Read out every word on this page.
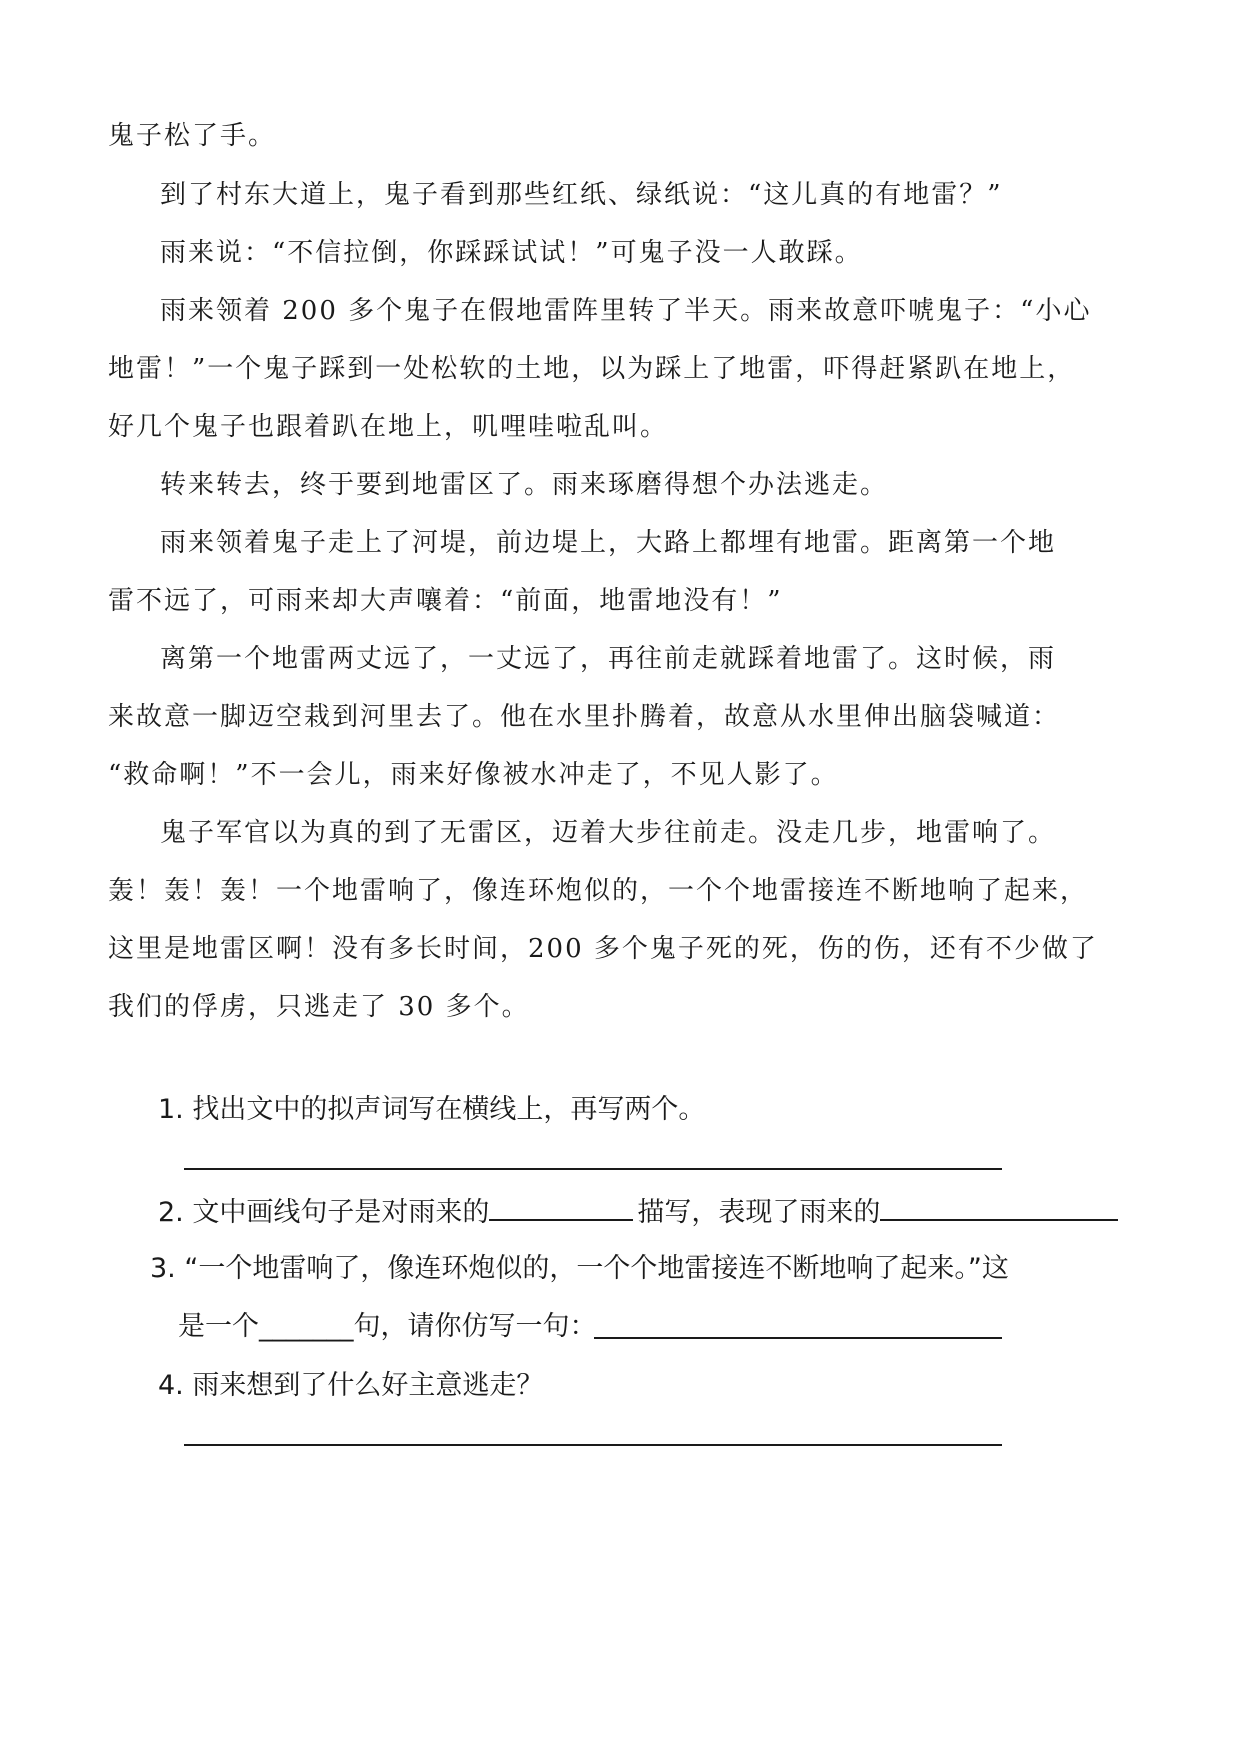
鬼子松了手。
到了村东大道上，鬼子看到那些红纸、绿纸说：“这儿真的有地雷？”
雨来说：“不信拉倒，你踩踩试试！”可鬼子没一人敢踩。
雨来领着 200 多个鬼子在假地雷阵里转了半天。雨来故意吓唬鬼子：“小心
地雷！”一个鬼子踩到一处松软的土地，以为踩上了地雷，吓得赶紧趴在地上，
好几个鬼子也跟着趴在地上，叽哩哇啦乱叫。
转来转去，终于要到地雷区了。雨来琢磨得想个办法逃走。
雨来领着鬼子走上了河堤，前边堤上，大路上都埋有地雷。距离第一个地
雷不远了，可雨来却大声嚷着：“前面，地雷地没有！”
离第一个地雷两丈远了，一丈远了，再往前走就踩着地雷了。这时候，雨
来故意一脚迈空栽到河里去了。他在水里扑腾着，故意从水里伸出脑袋喊道：
“救命啊！”不一会儿，雨来好像被水冲走了，不见人影了。
鬼子军官以为真的到了无雷区，迈着大步往前走。没走几步，地雷响了。
轰！轰！轰！一个地雷响了，像连环炮似的，一个个地雷接连不断地响了起来，
这里是地雷区啊！没有多长时间，200 多个鬼子死的死，伤的伤，还有不少做了
我们的俘虏，只逃走了 30 多个。
1. 找出文中的拟声词写在横线上，再写两个。
2. 文中画线句子是对雨来的	描写，表现了雨来的
3. “一个地雷响了，像连环炮似的，一个个地雷接连不断地响了起来。”这
是一个_______句，请你仿写一句：
4. 雨来想到了什么好主意逃走？
